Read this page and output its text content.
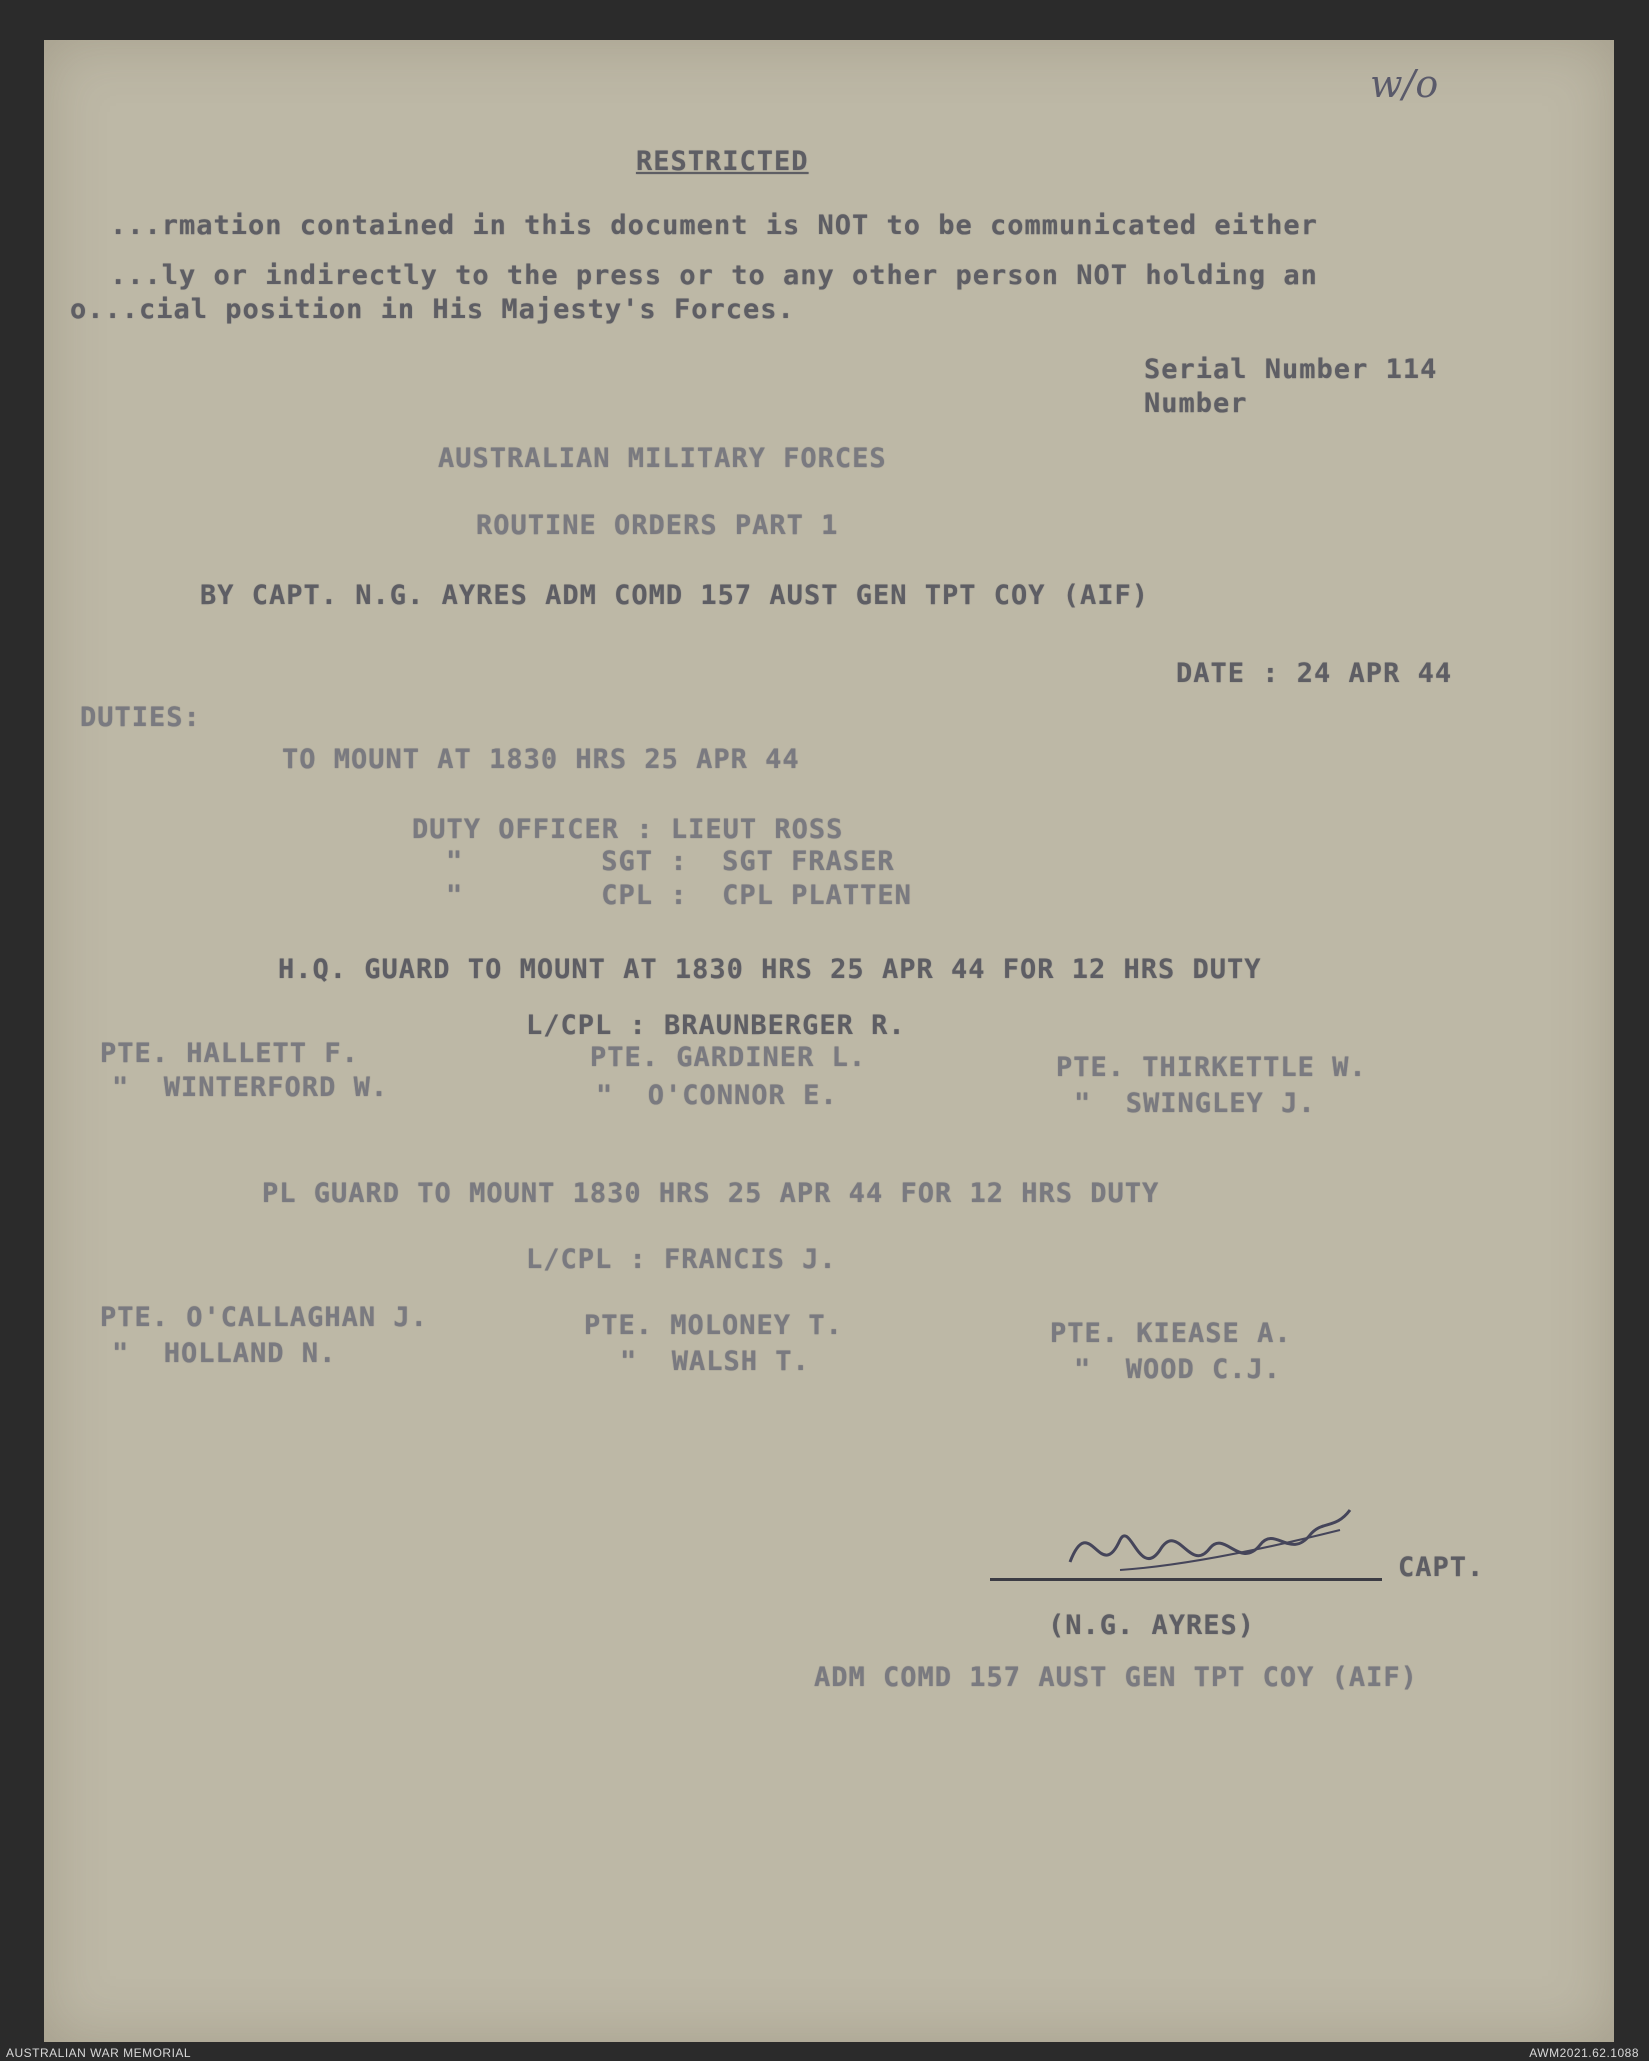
w/o
RESTRICTED
...rmation contained in this document is NOT to be communicated either
...ly or indirectly to the press or to any other person NOT holding an
o...cial position in His Majesty's Forces.
Serial Number 114
Number
AUSTRALIAN MILITARY FORCES
ROUTINE ORDERS PART 1
BY CAPT. N.G. AYRES ADM COMD 157 AUST GEN TPT COY (AIF)
DATE : 24 APR 44
DUTIES:
TO MOUNT AT 1830 HRS 25 APR 44
DUTY OFFICER : LIEUT ROSS
"        SGT :  SGT FRASER
"        CPL :  CPL PLATTEN
H.Q. GUARD TO MOUNT AT 1830 HRS 25 APR 44 FOR 12 HRS DUTY
L/CPL : BRAUNBERGER R.
PTE. HALLETT F.
"  WINTERFORD W.
PTE. GARDINER L.
"  O'CONNOR E.
PTE. THIRKETTLE W.
"  SWINGLEY J.
PL GUARD TO MOUNT 1830 HRS 25 APR 44 FOR 12 HRS DUTY
L/CPL : FRANCIS J.
PTE. O'CALLAGHAN J.
"  HOLLAND N.
PTE. MOLONEY T.
"  WALSH T.
PTE. KIEASE A.
"  WOOD C.J.
CAPT.
(N.G. AYRES)
ADM COMD 157 AUST GEN TPT COY (AIF)
AUSTRALIAN WAR MEMORIAL	AWM2021.62.1088
